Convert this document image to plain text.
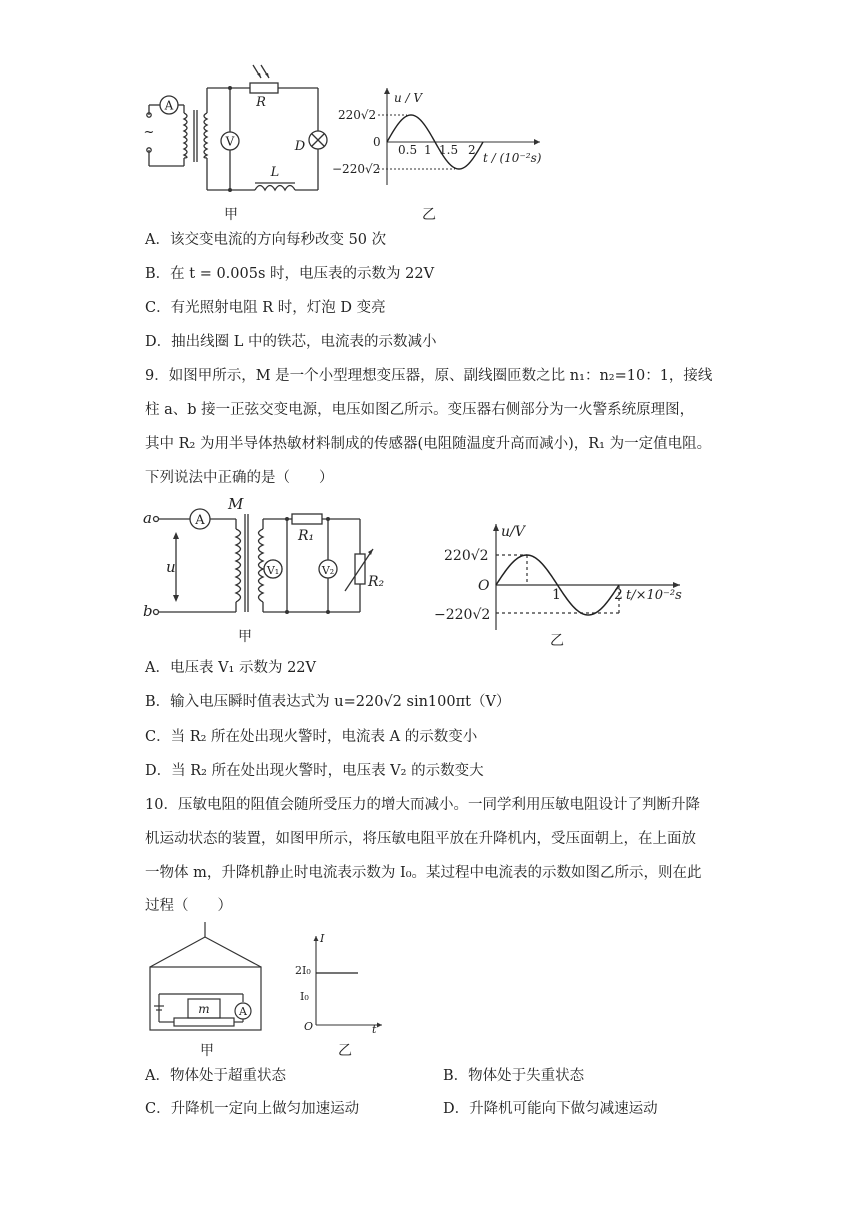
A
V
~
R
D
L
甲
u / V
220√2
0
−220√2
0.5 1 1.5 2
t / (10⁻²s)
乙
A．该交变电流的方向每秒改变 50 次
B．在 t = 0.005s 时，电压表的示数为 22V
C．有光照射电阻 R 时，灯泡 D 变亮
D．抽出线圈 L 中的铁芯，电流表的示数减小
9．如图甲所示，M 是一个小型理想变压器，原、副线圈匝数之比 n₁：n₂=10：1，接线
柱 a、b 接一正弦交变电源，电压如图乙所示。变压器右侧部分为一火警系统原理图，
其中 R₂ 为用半导体热敏材料制成的传感器(电阻随温度升高而减小)，R₁ 为一定值电阻。
下列说法中正确的是（　　）
a
b
u
M
A
V₁	V₂
R₁
R₂
甲
u/V
220√2
O
−220√2
1	2 t/×10⁻²s
乙
A．电压表 V₁ 示数为 22V
B．输入电压瞬时值表达式为 u=220√2 sin100πt（V）
C．当 R₂ 所在处出现火警时，电流表 A 的示数变小
D．当 R₂ 所在处出现火警时，电压表 V₂ 的示数变大
10．压敏电阻的阻值会随所受压力的增大而减小。一同学利用压敏电阻设计了判断升降
机运动状态的装置，如图甲所示，将压敏电阻平放在升降机内，受压面朝上，在上面放
一物体 m，升降机静止时电流表示数为 I₀。某过程中电流表的示数如图乙所示，则在此
过程（　　）
m	A
甲
I
2I₀
I₀
O	t
乙
A．物体处于超重状态	B．物体处于失重状态
C．升降机一定向上做匀加速运动	D．升降机可能向下做匀减速运动
